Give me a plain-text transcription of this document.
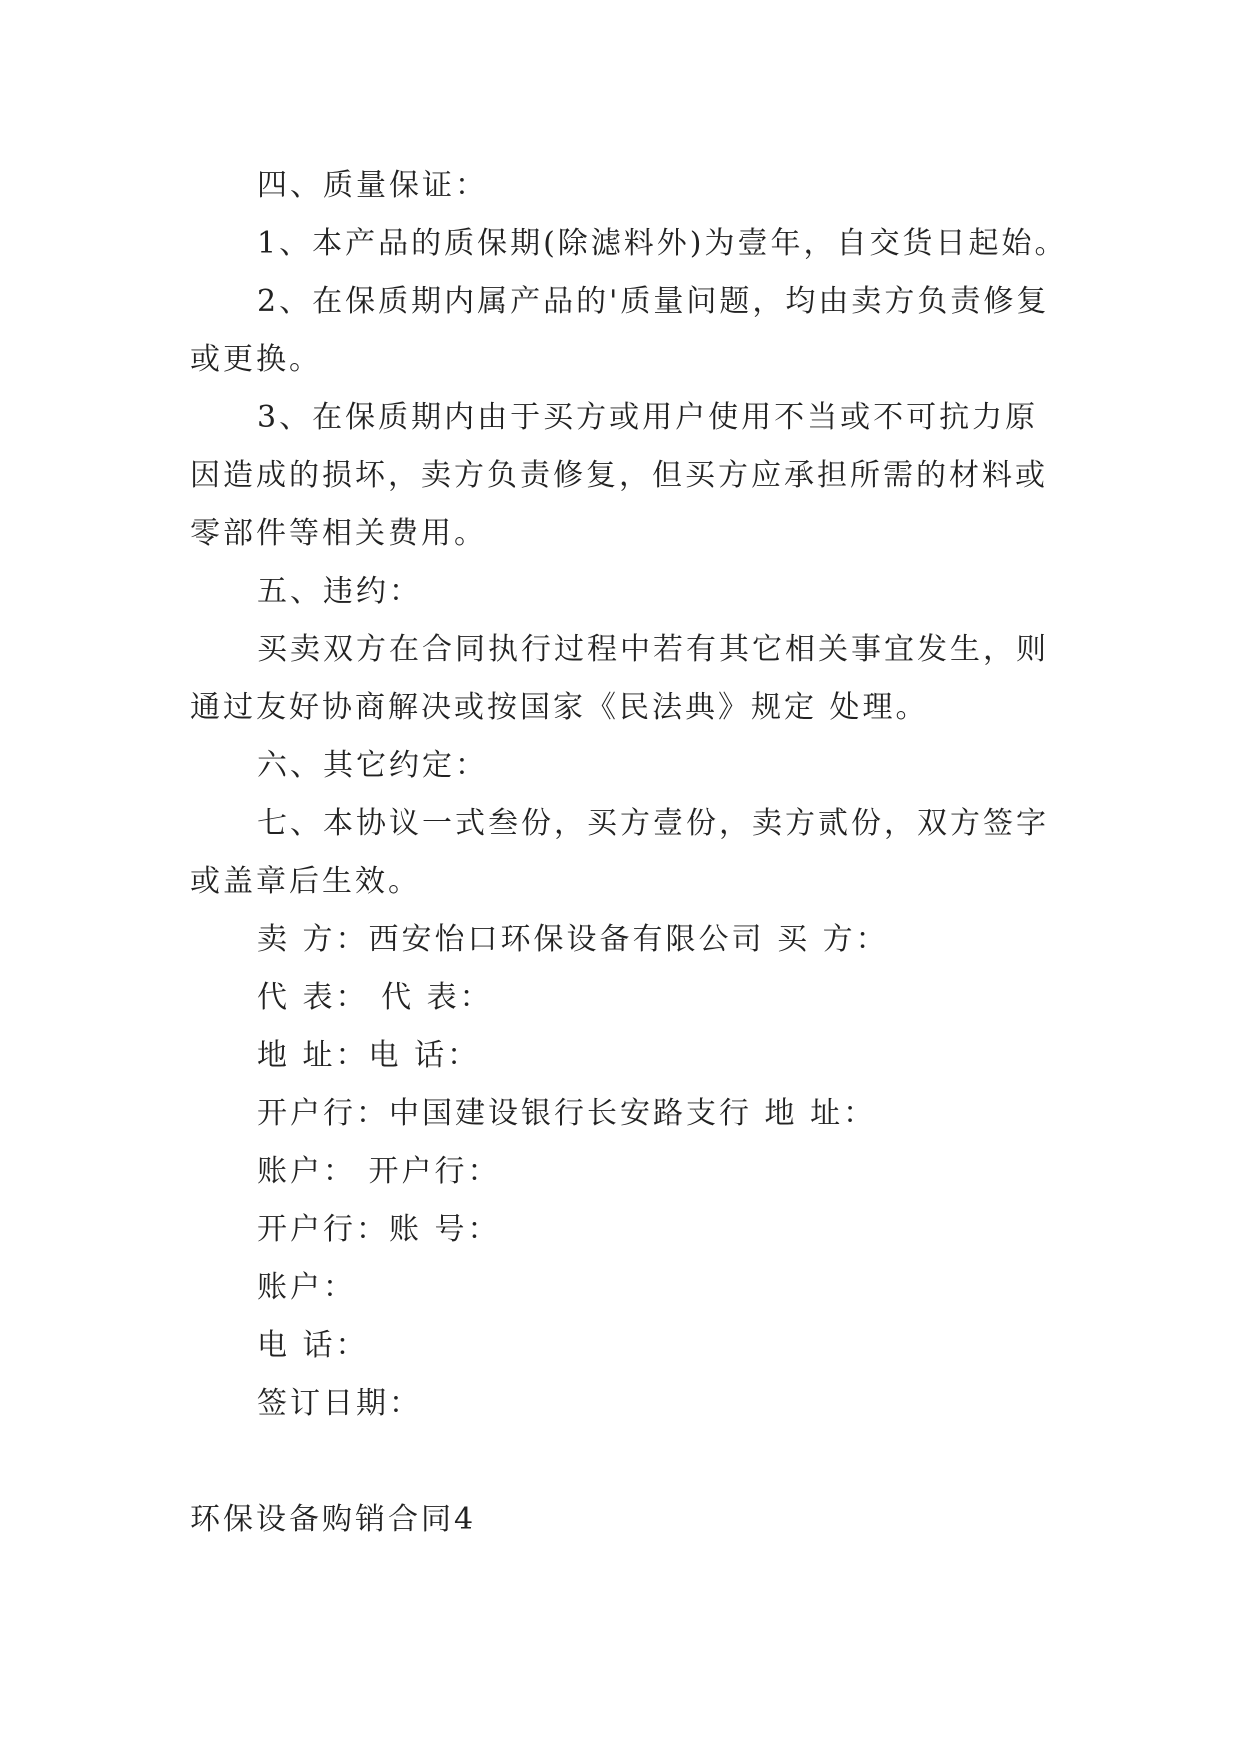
四、质量保证：
1、本产品的质保期(除滤料外)为壹年，自交货日起始。
2、在保质期内属产品的'质量问题，均由卖方负责修复
或更换。
3、在保质期内由于买方或用户使用不当或不可抗力原
因造成的损坏，卖方负责修复，但买方应承担所需的材料或
零部件等相关费用。
五、违约：
买卖双方在合同执行过程中若有其它相关事宜发生，则
通过友好协商解决或按国家《民法典》规定 处理。
六、其它约定：
七、本协议一式叁份，买方壹份，卖方贰份，双方签字
或盖章后生效。
卖 方：西安怡口环保设备有限公司 买 方：
代 表： 代 表：
地 址：电 话：
开户行：中国建设银行长安路支行 地 址：
账户： 开户行：
开户行：账 号：
账户：
电 话：
签订日期：
环保设备购销合同4
